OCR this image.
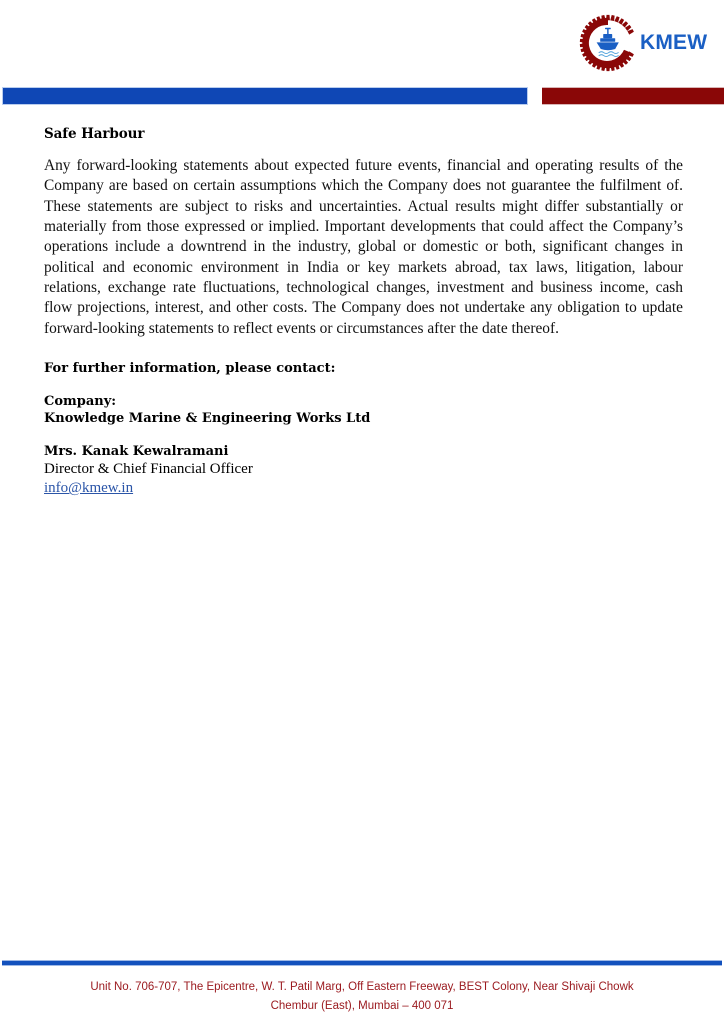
KMEW
Safe Harbour

Any forward-looking statements about expected future events, financial and operating results of the Company are based on certain assumptions which the Company does not guarantee the fulfilment of. These statements are subject to risks and uncertainties. Actual results might differ substantially or materially from those expressed or implied. Important developments that could affect the Company’s operations include a downtrend in the industry, global or domestic or both, significant changes in political and economic environment in India or key markets abroad, tax laws, litigation, labour relations, exchange rate fluctuations, technological changes, investment and business income, cash flow projections, interest, and other costs. The Company does not undertake any obligation to update forward-looking statements to reflect events or circumstances after the date thereof.

For further information, please contact:

Company:

Knowledge Marine & Engineering Works Ltd

Mrs. Kanak Kewalramani

Director & Chief Financial Officer

info@kmew.in
Unit No. 706-707, The Epicentre, W. T. Patil Marg, Off Eastern Freeway, BEST Colony, Near Shivaji Chowk
Chembur (East), Mumbai – 400 071
